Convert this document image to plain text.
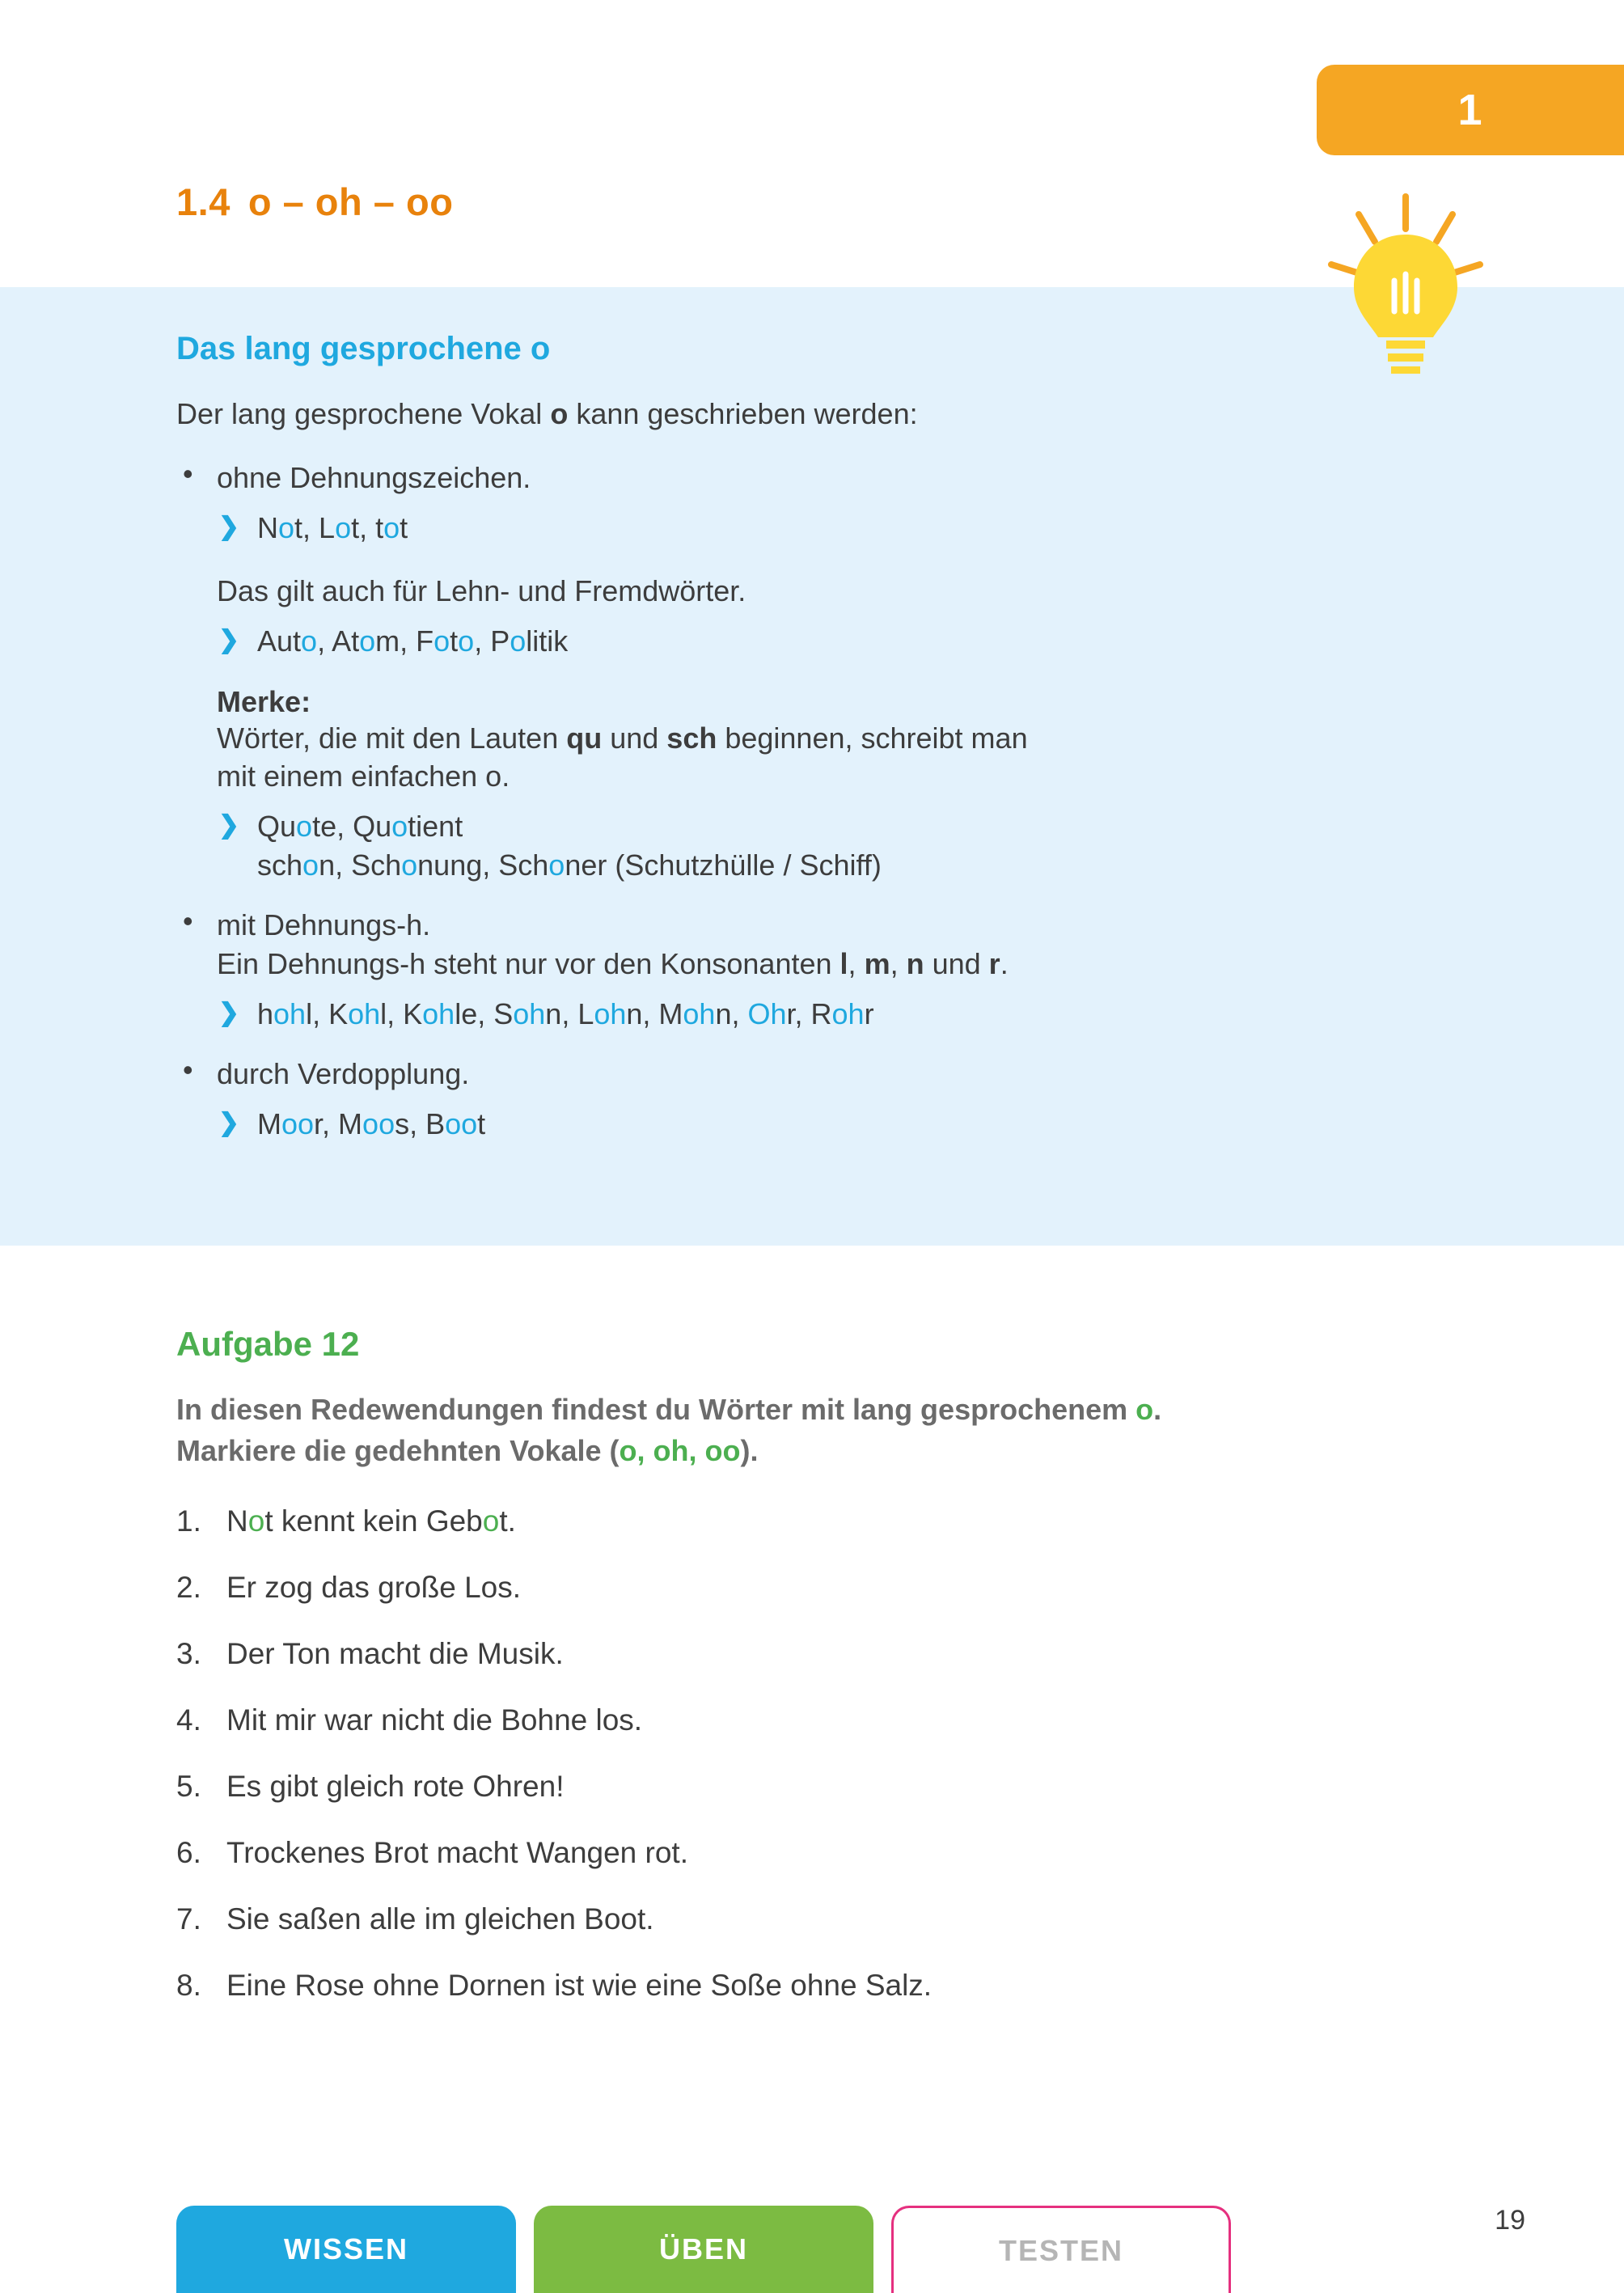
1
1.4 o – oh – oo
Das lang gesprochene o
Der lang gesprochene Vokal o kann geschrieben werden:
• ohne Dehnungszeichen.
❯ Not, Lot, tot
Das gilt auch für Lehn- und Fremdwörter.
❯ Auto, Atom, Foto, Politik
Merke:
Wörter, die mit den Lauten qu und sch beginnen, schreibt man
mit einem einfachen o.
❯ Quote, Quotient
schon, Schonung, Schoner (Schutzhülle / Schiff)
• mit Dehnungs-h.
Ein Dehnungs-h steht nur vor den Konsonanten l, m, n und r.
❯ hohl, Kohl, Kohle, Sohn, Lohn, Mohn, Ohr, Rohr
• durch Verdopplung.
❯ Moor, Moos, Boot
Aufgabe 12
In diesen Redewendungen findest du Wörter mit lang gesprochenem o.
Markiere die gedehnten Vokale (o, oh, oo).
Not kennt kein Gebot.
Er zog das große Los.
Der Ton macht die Musik.
Mit mir war nicht die Bohne los.
Es gibt gleich rote Ohren!
Trockenes Brot macht Wangen rot.
Sie saßen alle im gleichen Boot.
Eine Rose ohne Dornen ist wie eine Soße ohne Salz.
WISSEN	ÜBEN	TESTEN
19
